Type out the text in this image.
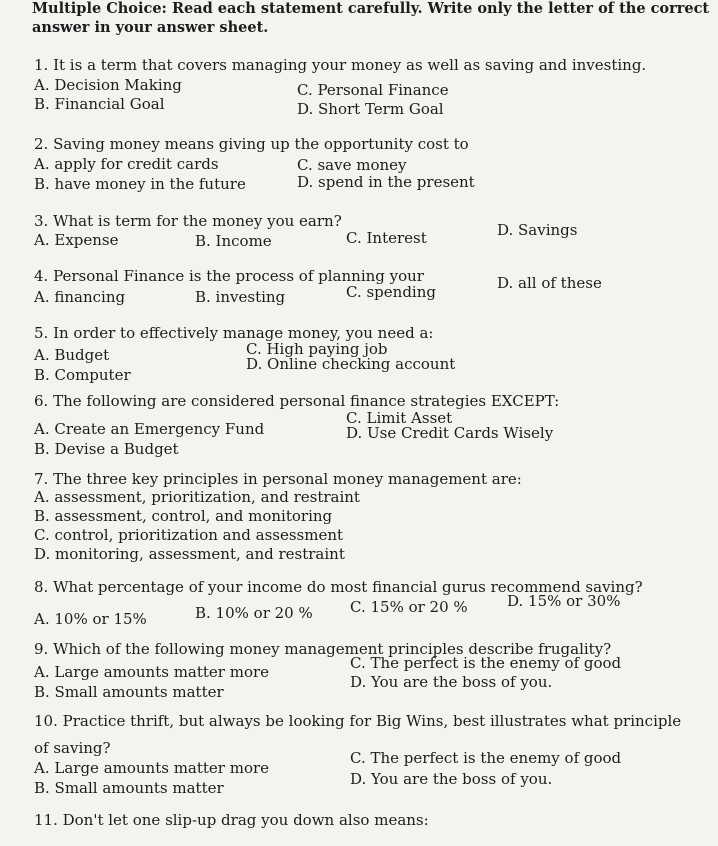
Multiple Choice: Read each statement carefully. Write only the letter of the correct
answer in your answer sheet.
1. It is a term that covers managing your money as well as saving and investing.
A. Decision Making
B. Financial Goal
C. Personal Finance
D. Short Term Goal
2. Saving money means giving up the opportunity cost to
A. apply for credit cards
B. have money in the future
C. save money
D. spend in the present
3. What is term for the money you earn?
A. Expense	B. Income	C. Interest	D. Savings
4. Personal Finance is the process of planning your
A. financing	B. investing	C. spending	D. all of these
5. In order to effectively manage money, you need a:
A. Budget
B. Computer
C. High paying job
D. Online checking account
6. The following are considered personal finance strategies EXCEPT:
A. Create an Emergency Fund
B. Devise a Budget
C. Limit Asset
D. Use Credit Cards Wisely
7. The three key principles in personal money management are:
A. assessment, prioritization, and restraint
B. assessment, control, and monitoring
C. control, prioritization and assessment
D. monitoring, assessment, and restraint
8. What percentage of your income do most financial gurus recommend saving?
A. 10% or 15%	B. 10% or 20 % C. 15% or 20 %	D. 15% or 30%
9. Which of the following money management principles describe frugality?
A. Large amounts matter more
B. Small amounts matter
C. The perfect is the enemy of good
D. You are the boss of you.
10. Practice thrift, but always be looking for Big Wins, best illustrates what principle
of saving?
A. Large amounts matter more
B. Small amounts matter
C. The perfect is the enemy of good
D. You are the boss of you.
11. Don't let one slip-up drag you down also means:
